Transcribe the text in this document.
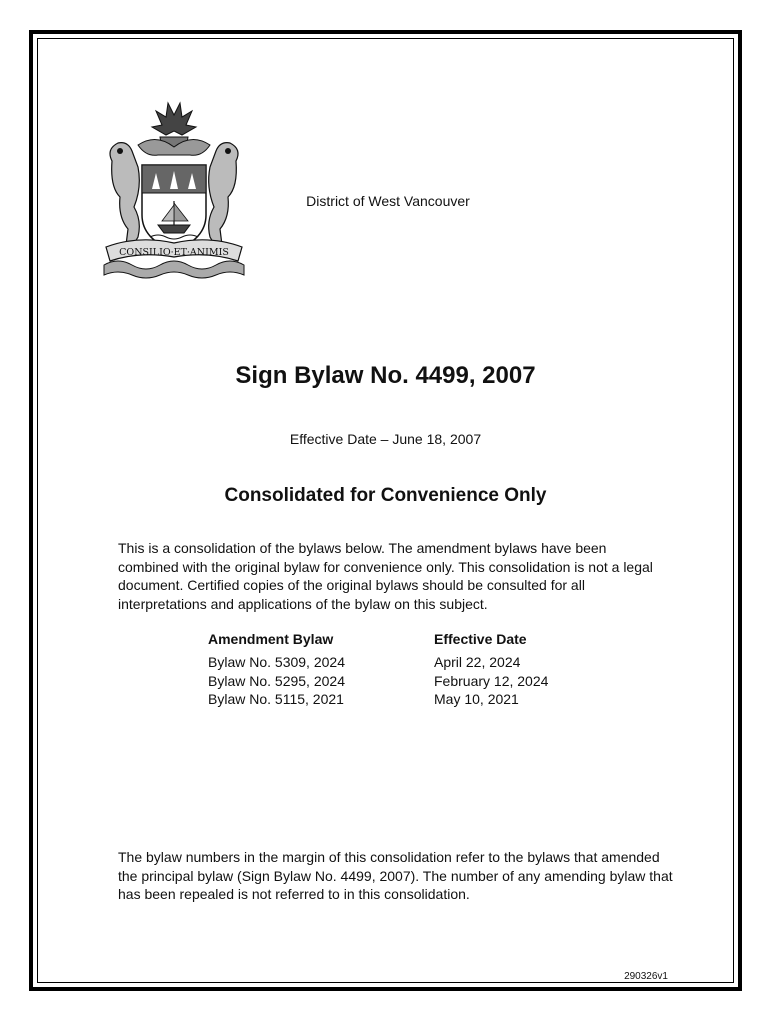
CONSILIO·ET·ANIMIS
District of West Vancouver
Sign Bylaw No. 4499, 2007
Effective Date – June 18, 2007
Consolidated for Convenience Only
This is a consolidation of the bylaws below. The amendment bylaws have been combined with the original bylaw for convenience only. This consolidation is not a legal document. Certified copies of the original bylaws should be consulted for all interpretations and applications of the bylaw on this subject.
Amendment Bylaw	Effective Date
Bylaw No. 5309, 2024	April 22, 2024
Bylaw No. 5295, 2024	February 12, 2024
Bylaw No. 5115, 2021	May 10, 2021
The bylaw numbers in the margin of this consolidation refer to the bylaws that amended the principal bylaw (Sign Bylaw No. 4499, 2007). The number of any amending bylaw that has been repealed is not referred to in this consolidation.
290326v1
